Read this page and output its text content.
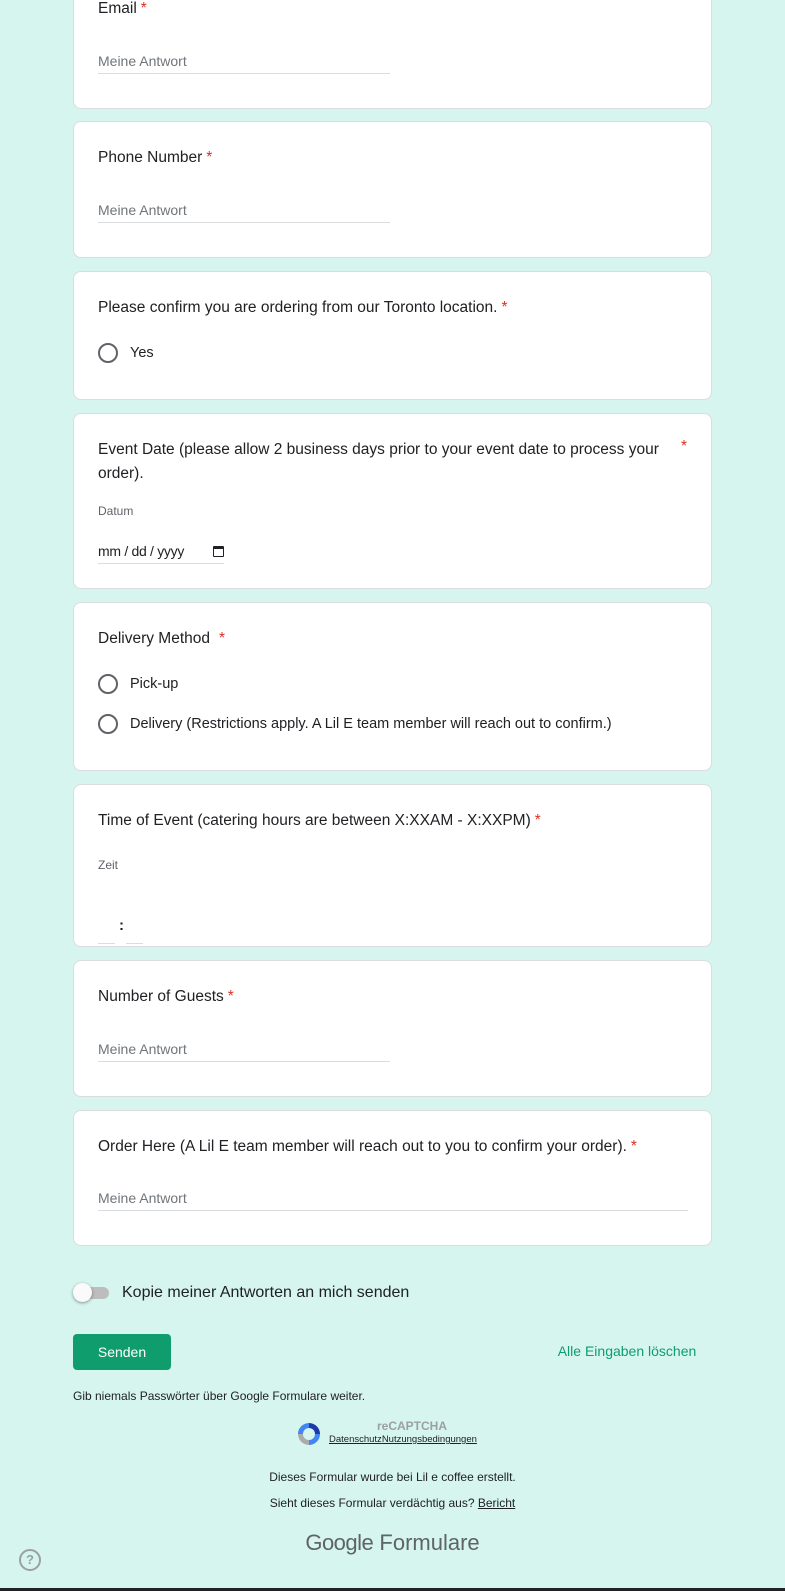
Email *
Meine Antwort
Phone Number *
Meine Antwort
Please confirm you are ordering from our Toronto location. *
Yes
Event Date (please allow 2 business days prior to your event date to process your order).
*
Datum
mm / dd / yyyy
Delivery Method *
Pick-up
Delivery (Restrictions apply. A Lil E team member will reach out to confirm.)
Time of Event (catering hours are between X:XXAM - X:XXPM) *
Zeit
:
Number of Guests *
Meine Antwort
Order Here (A Lil E team member will reach out to you to confirm your order). *
Meine Antwort
Kopie meiner Antworten an mich senden
Senden	Alle Eingaben löschen
Gib niemals Passwörter über Google Formulare weiter.
reCAPTCHA
DatenschutzNutzungsbedingungen
Dieses Formular wurde bei Lil e coffee erstellt.
Sieht dieses Formular verdächtig aus? Bericht
Google Formulare
?
